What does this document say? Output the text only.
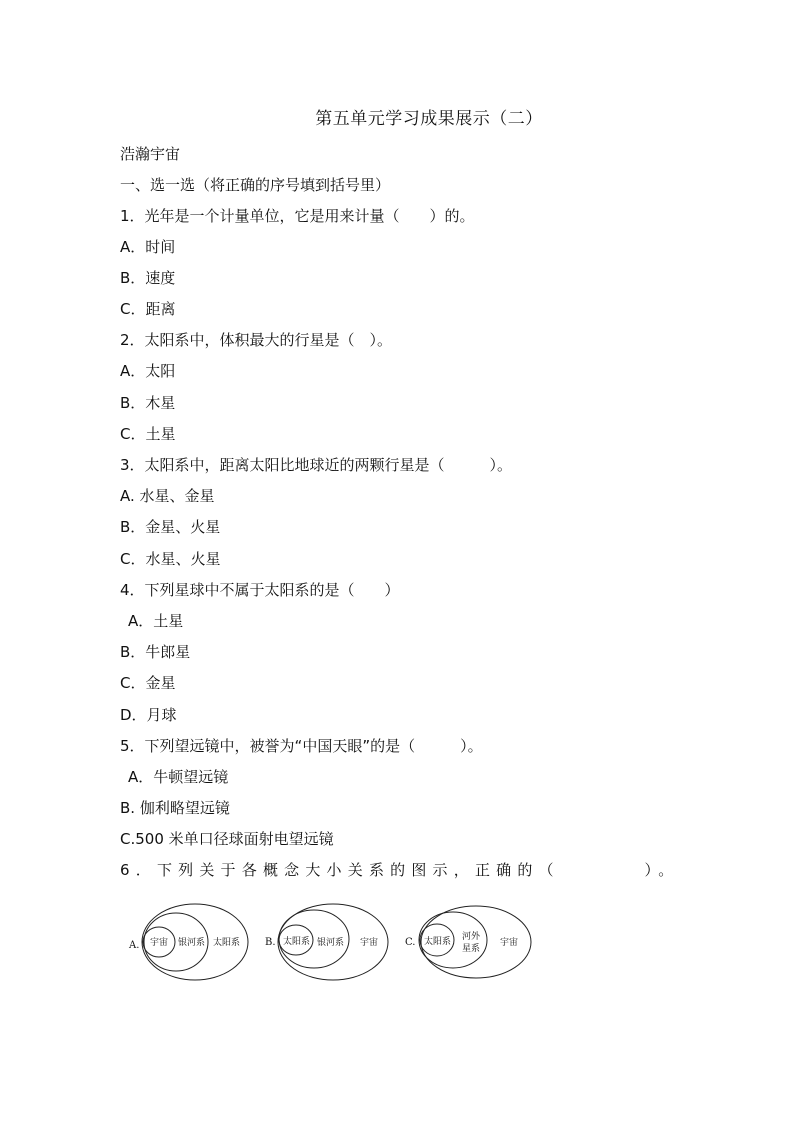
第五单元学习成果展示（二）
浩瀚宇宙
一、选一选（将正确的序号填到括号里）
1．光年是一个计量单位，它是用来计量（　　）的。
A．时间
B．速度
C．距离
2．太阳系中，体积最大的行星是（　）。
A．太阳
B．木星
C．土星
3．太阳系中，距离太阳比地球近的两颗行星是（　　　）。
A. 水星、金星
B．金星、火星
C．水星、火星
4．下列星球中不属于太阳系的是（　　）
A．土星
B．牛郎星
C．金星
D．月球
5．下列望远镜中，被誉为“中国天眼”的是（　　　）。
A．牛顿望远镜
B. 伽利略望远镜
C.500 米单口径球面射电望远镜
6．下列关于各概念大小关系的图示，正确的（　　　　）。
A. 宇宙 银河系 太阳系 B. 太阳系 银河系 宇宙	C. 太阳系 河外
星系
宇宙
